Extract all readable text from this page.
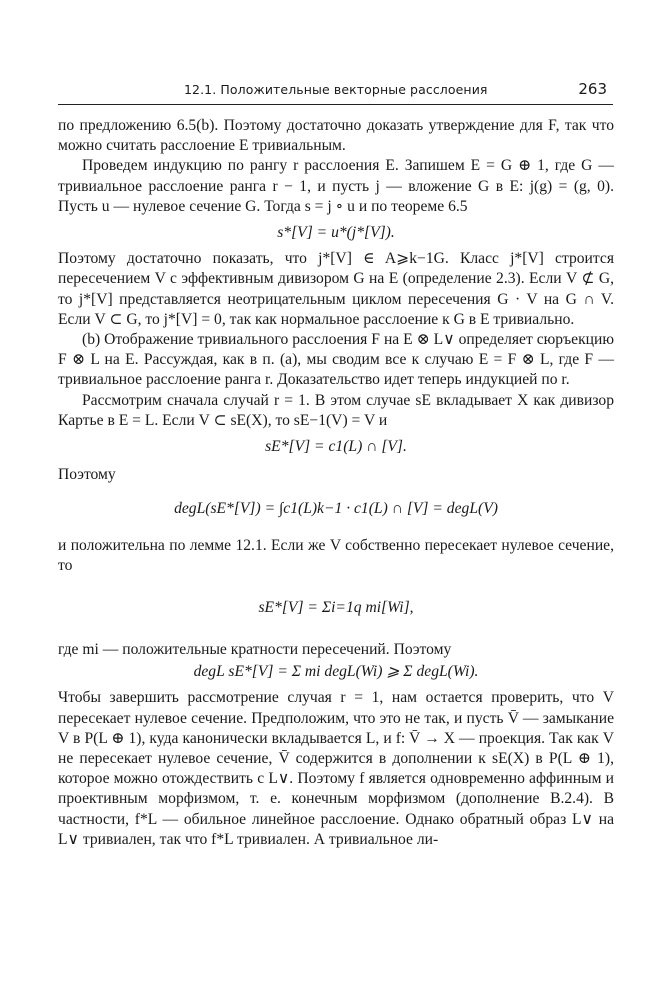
12.1. Положительные векторные расслоения	263

по предложению 6.5(b). Поэтому достаточно доказать утверждение для F, так что можно считать расслоение E тривиальным.

Проведем индукцию по рангу r расслоения E. Запишем E = G ⊕ 1, где G — тривиальное расслоение ранга r − 1, и пусть j — вложение G в E: j(g) = (g, 0). Пусть u — нулевое сечение G. Тогда s = j ∘ u и по теореме 6.5

s*[V] = u*(j*[V]).

Поэтому достаточно показать, что j*[V] ∈ A⩾k−1G. Класс j*[V] строится пересечением V с эффективным дивизором G на E (определение 2.3). Если V ⊄ G, то j*[V] представляется неотрицательным циклом пересечения G · V на G ∩ V. Если V ⊂ G, то j*[V] = 0, так как нормальное расслоение к G в E тривиально.

(b) Отображение тривиального расслоения F на E ⊗ L∨ определяет сюръекцию F ⊗ L на E. Рассуждая, как в п. (a), мы сводим все к случаю E = F ⊗ L, где F — тривиальное расслоение ранга r. Доказательство идет теперь индукцией по r.

Рассмотрим сначала случай r = 1. В этом случае sE вкладывает X как дивизор Картье в E = L. Если V ⊂ sE(X), то sE−1(V) = V и

sE*[V] = c1(L) ∩ [V].

Поэтому

degL(sE*[V]) = ∫c1(L)k−1 · c1(L) ∩ [V] = degL(V)

и положительна по лемме 12.1. Если же V собственно пересекает нулевое сечение, то

sE*[V] = Σi=1q mi[Wi],

где mi — положительные кратности пересечений. Поэтому

degL sE*[V] = Σ mi degL(Wi) ⩾ Σ degL(Wi).

Чтобы завершить рассмотрение случая r = 1, нам остается проверить, что V пересекает нулевое сечение. Предположим, что это не так, и пусть V̄ — замыкание V в P(L ⊕ 1), куда канонически вкладывается L, и f: V̄ → X — проекция. Так как V не пересекает нулевое сечение, V̄ содержится в дополнении к sE(X) в P(L ⊕ 1), которое можно отождествить с L∨. Поэтому f является одновременно аффинным и проективным морфизмом, т. е. конечным морфизмом (дополнение B.2.4). В частности, f*L — обильное линейное расслоение. Однако обратный образ L∨ на L∨ тривиален, так что f*L тривиален. А тривиальное ли-
